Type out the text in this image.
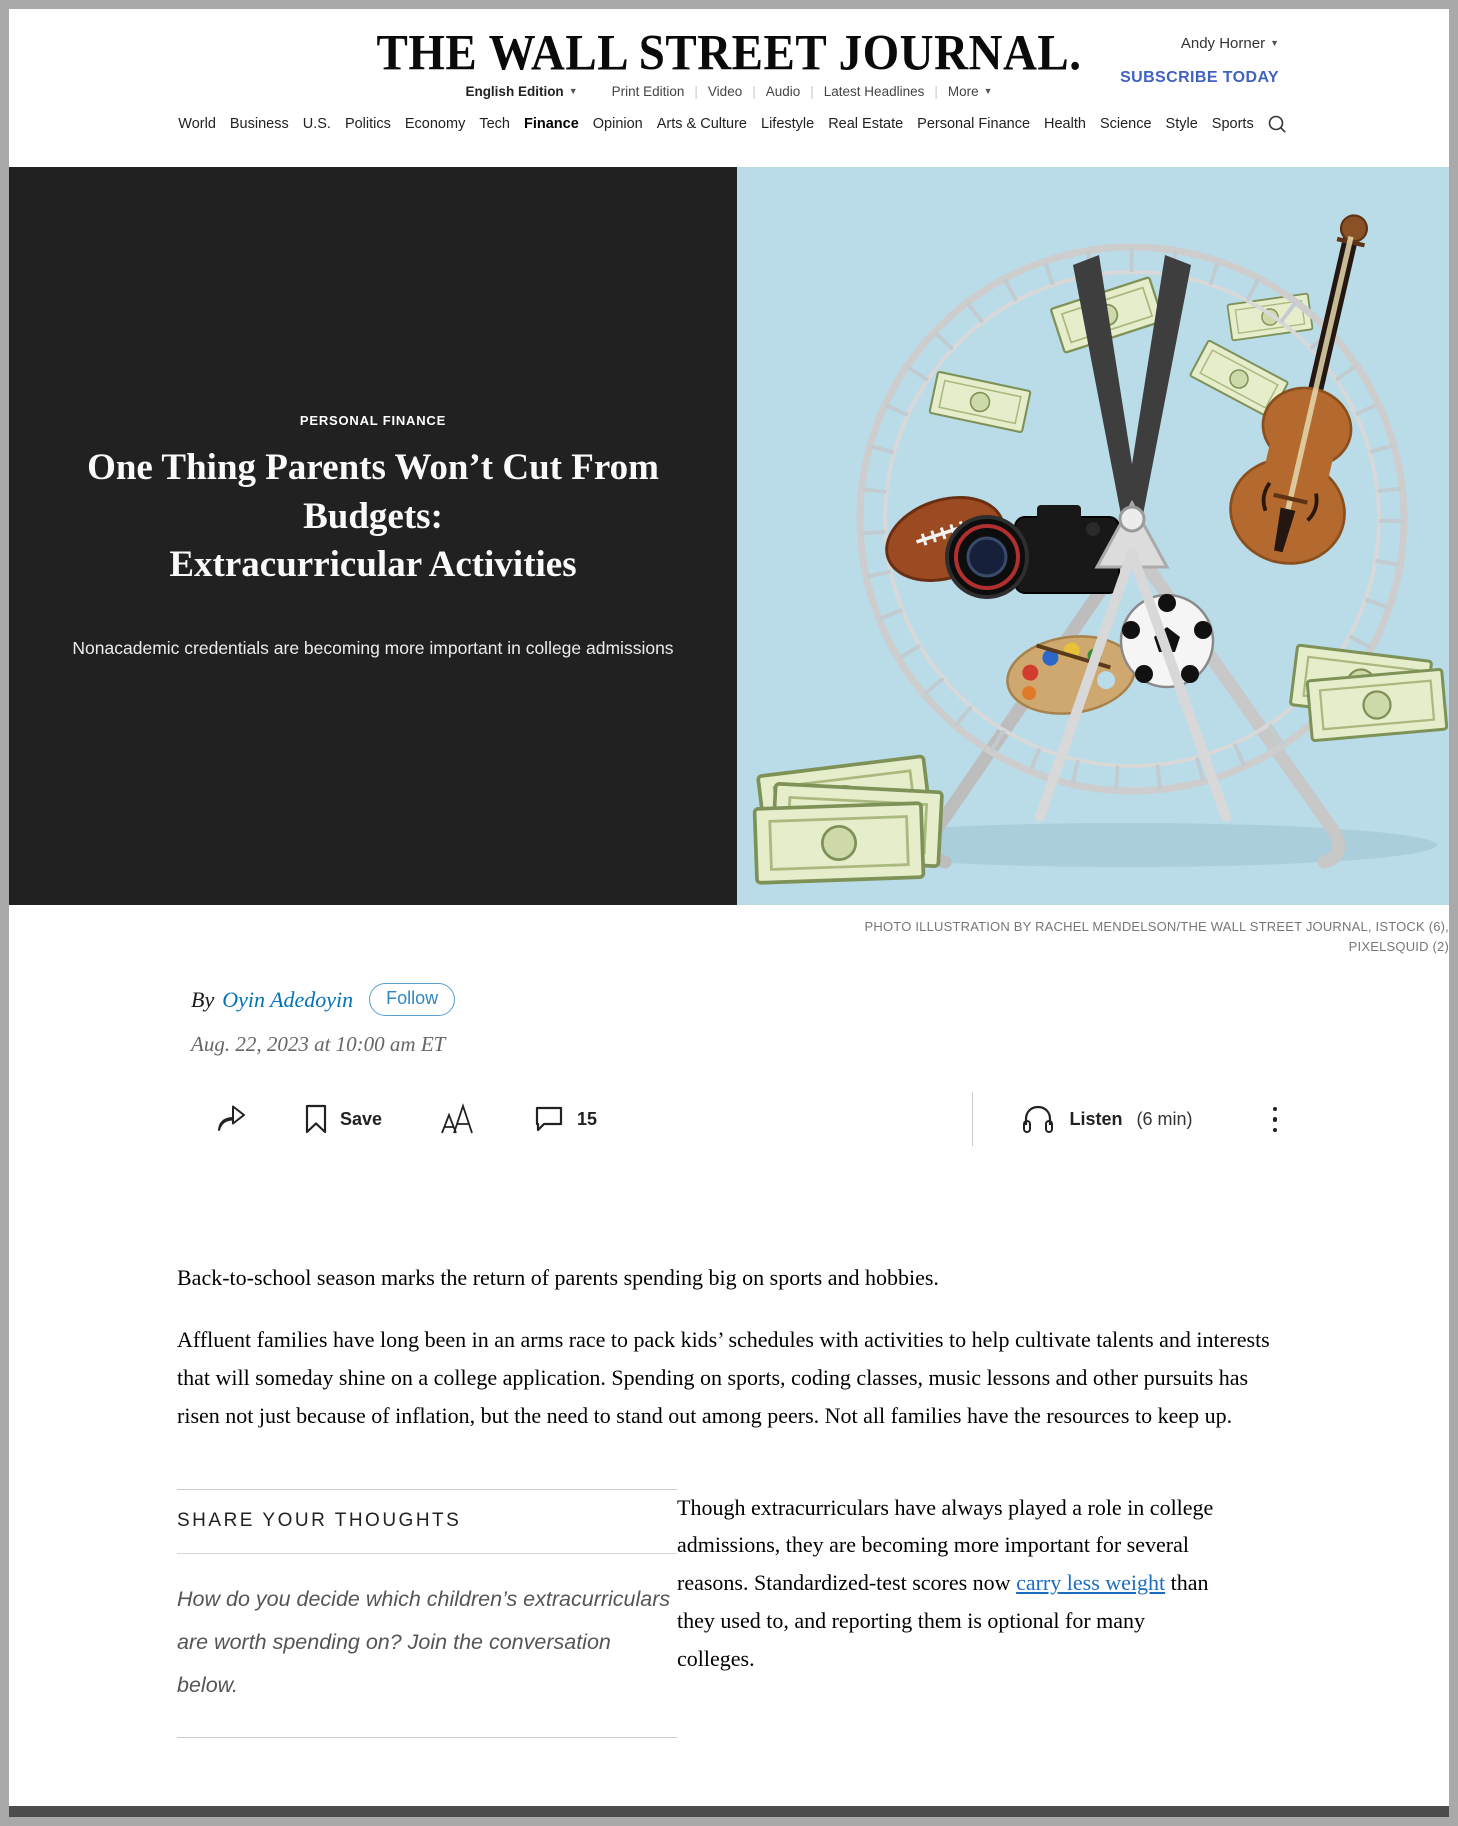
Andy Horner ▼
SUBSCRIBE TODAY
THE WALL STREET JOURNAL.
English Edition ▼	Print Edition | Video | Audio | Latest Headlines | More ▼
World Business U.S. Politics Economy Tech Finance Opinion Arts & Culture Lifestyle Real Estate Personal Finance Health Science Style Sports
PERSONAL FINANCE
One Thing Parents Won’t Cut From Budgets:
Extracurricular Activities
Nonacademic credentials are becoming more important in college admissions
PHOTO ILLUSTRATION BY RACHEL MENDELSON/THE WALL STREET JOURNAL, ISTOCK (6),
PIXELSQUID (2)
By Oyin Adedoyin	Follow
Aug. 22, 2023 at 10:00 am ET
Save	15	Listen (6 min)

Back-to-school season marks the return of parents spending big on sports and hobbies.

Affluent families have long been in an arms race to pack kids’ schedules with activities to help cultivate talents and interests that will someday shine on a college application. Spending on sports, coding classes, music lessons and other pursuits has risen not just because of inflation, but the need to stand out among peers. Not all families have the resources to keep up.

SHARE YOUR THOUGHTS
How do you decide which children’s extracurriculars are worth spending on? Join the conversation below.

Though extracurriculars have always played a role in college admissions, they are becoming more important for several reasons. Standardized-test scores now carry less weight than they used to, and reporting them is optional for many colleges.
